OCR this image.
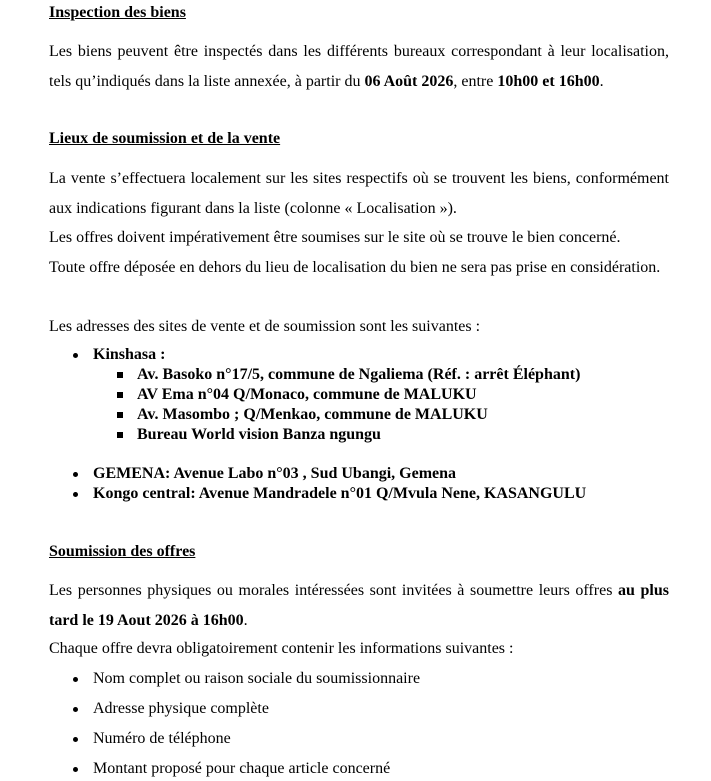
Inspection des biens
Les biens peuvent être inspectés dans les différents bureaux correspondant à leur localisation, tels qu’indiqués dans la liste annexée, à partir du 06 Août 2026, entre 10h00 et 16h00.
Lieux de soumission et de la vente
La vente s’effectuera localement sur les sites respectifs où se trouvent les biens, conformément aux indications figurant dans la liste (colonne « Localisation »).
Les offres doivent impérativement être soumises sur le site où se trouve le bien concerné.
Toute offre déposée en dehors du lieu de localisation du bien ne sera pas prise en considération.
Les adresses des sites de vente et de soumission sont les suivantes :
Kinshasa :
Av. Basoko n°17/5, commune de Ngaliema (Réf. : arrêt Éléphant)
AV Ema n°04 Q/Monaco, commune de MALUKU
Av. Masombo ; Q/Menkao, commune de MALUKU
Bureau World vision Banza ngungu
GEMENA: Avenue Labo n°03 , Sud Ubangi, Gemena
Kongo central: Avenue Mandradele n°01 Q/Mvula Nene, KASANGULU
Soumission des offres
Les personnes physiques ou morales intéressées sont invitées à soumettre leurs offres au plus tard le 19 Aout 2026 à 16h00.
Chaque offre devra obligatoirement contenir les informations suivantes :
Nom complet ou raison sociale du soumissionnaire
Adresse physique complète
Numéro de téléphone
Montant proposé pour chaque article concerné
